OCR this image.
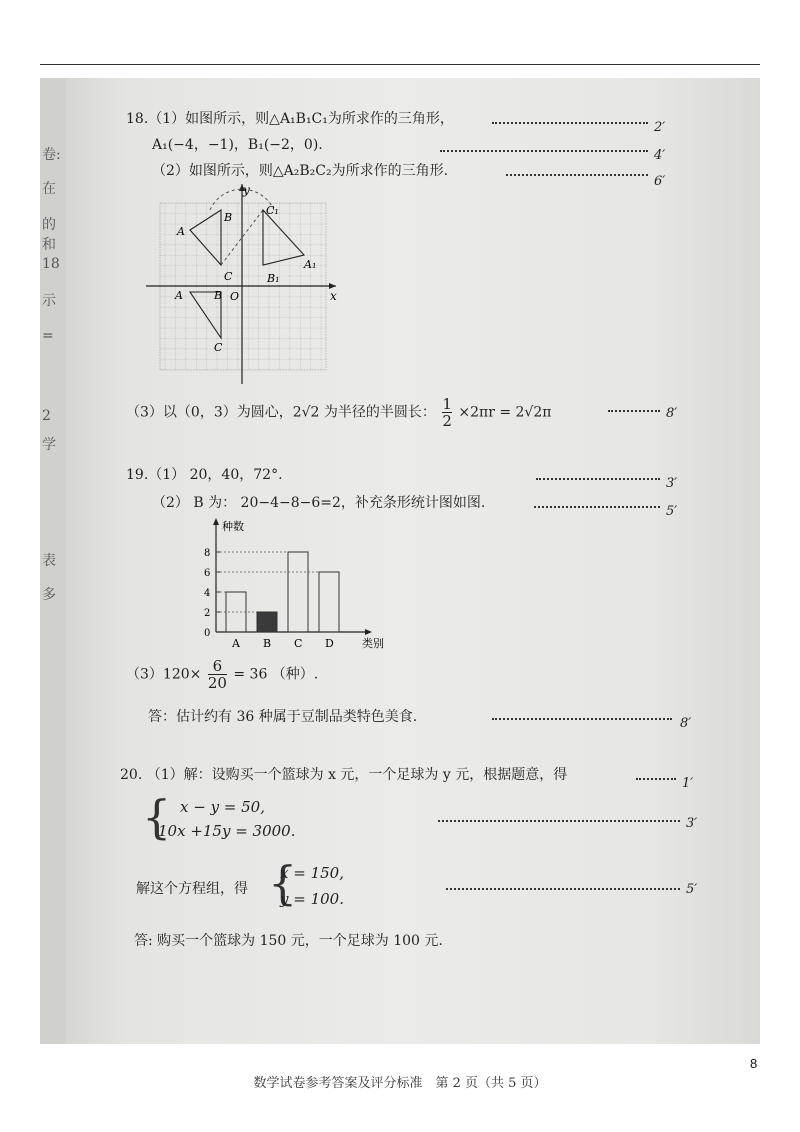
卷:
在
的和
18
示
=
2
学
表
多
18.（1）如图所示，则△A₁B₁C₁为所求作的三角形，
2′
A₁(−4，−1)，B₁(−2，0).
4′
（2）如图所示，则△A₂B₂C₂为所求作的三角形.
6′
y
x
O
A
B
C
C₁
A₁
B₁
A	B
C
（3）以（0，3）为圆心，2√2 为半径的半圆长： $\frac{1}{2} \times 2\pi r = 2√2\pi$	8′
19.（1） 20，40，72°.
3′
（2） B 为： 20−4−8−6=2，补充条形统计图如图.
5′
种数
类别
0
2
4
6
8
A B C D
$(3)120\times \frac{6}{20} = 36$ （种）.
答：估计约有 36 种属于豆制品类特色美食.	8′
20. （1）解：设购买一个篮球为 x 元，一个足球为 y 元，根据题意，得
1′
{ x − y = 50,
10x +15y = 3000.	3′
解这个方程组，得 {
x = 150,
y = 100.
5′
答: 购买一个篮球为 150 元，一个足球为 100 元.
数学试卷参考答案及评分标准　第 2 页（共 5 页）
8
